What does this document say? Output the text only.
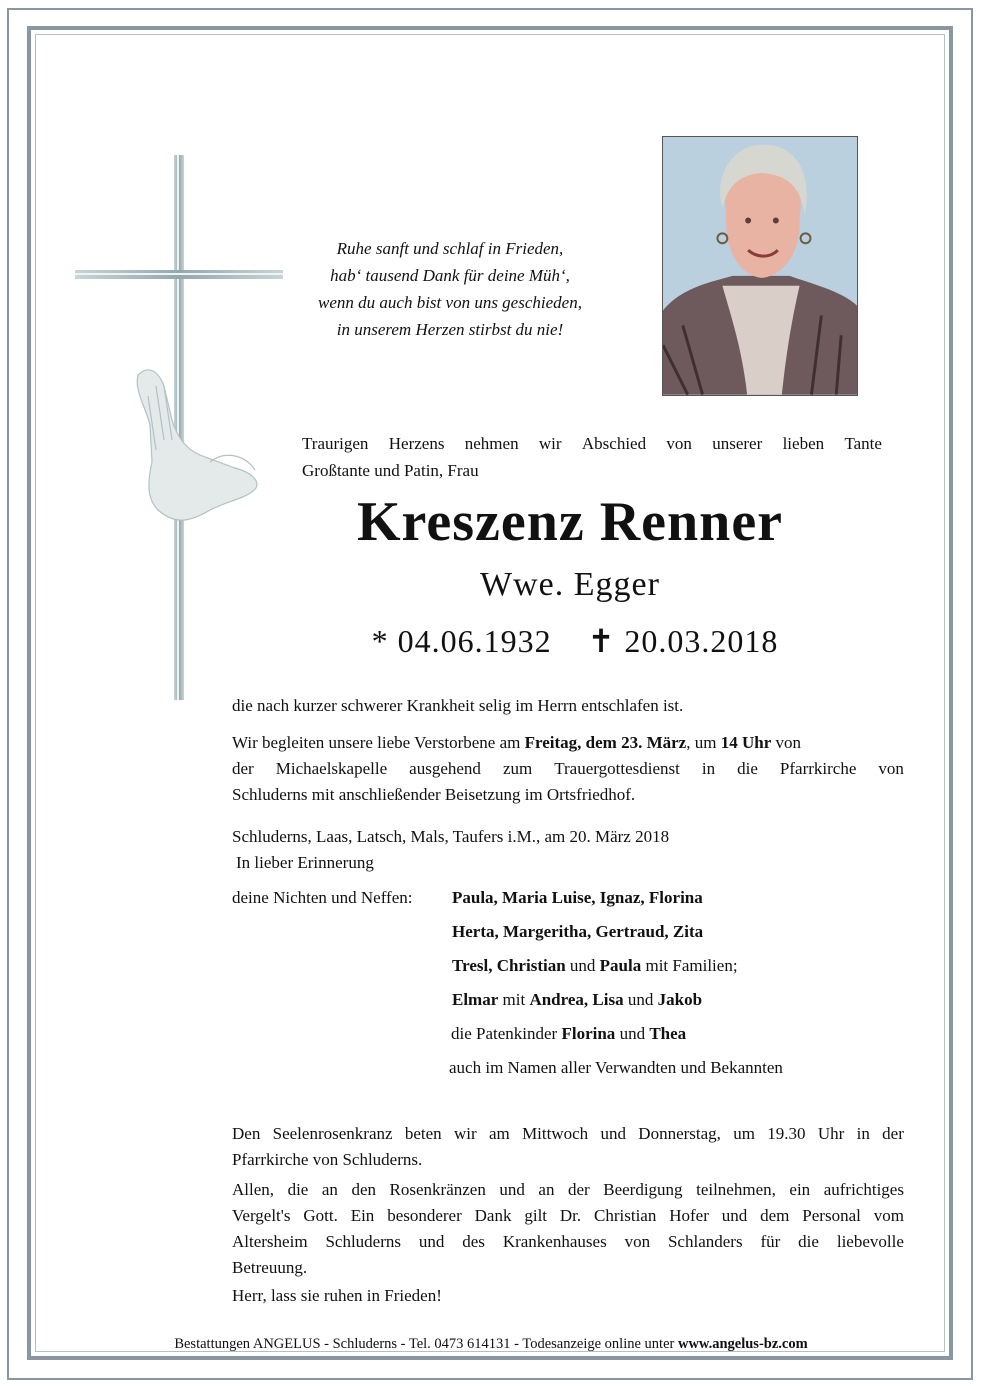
Ruhe sanft und schlaf in Frieden,
hab‘ tausend Dank für deine Müh‘,
wenn du auch bist von uns geschieden,
in unserem Herzen stirbst du nie!
Traurigen Herzens nehmen wir Abschied von unserer lieben Tante
Großtante und Patin, Frau
Kreszenz Renner
Wwe. Egger
* 04.06.1932 ✝ 20.03.2018
die nach kurzer schwerer Krankheit selig im Herrn entschlafen ist.
Wir begleiten unsere liebe Verstorbene am Freitag, dem 23. März, um 14 Uhr von
der Michaelskapelle ausgehend zum Trauergottesdienst in die Pfarrkirche von
Schluderns mit anschließender Beisetzung im Ortsfriedhof.
Schluderns, Laas, Latsch, Mals, Taufers i.M., am 20. März 2018
In lieber Erinnerung
deine Nichten und Neffen: Paula, Maria Luise, Ignaz, Florina
Herta, Margeritha, Gertraud, Zita
Tresl, Christian und Paula mit Familien;
Elmar mit Andrea, Lisa und Jakob
die Patenkinder Florina und Thea
auch im Namen aller Verwandten und Bekannten
Den Seelenrosenkranz beten wir am Mittwoch und Donnerstag, um 19.30 Uhr in der
Pfarrkirche von Schluderns.
Allen, die an den Rosenkränzen und an der Beerdigung teilnehmen, ein aufrichtiges
Vergelt's Gott. Ein besonderer Dank gilt Dr. Christian Hofer und dem Personal vom
Altersheim Schluderns und des Krankenhauses von Schlanders für die liebevolle
Betreuung.
Herr, lass sie ruhen in Frieden!
Bestattungen ANGELUS - Schluderns - Tel. 0473 614131 - Todesanzeige online unter www.angelus-bz.com
